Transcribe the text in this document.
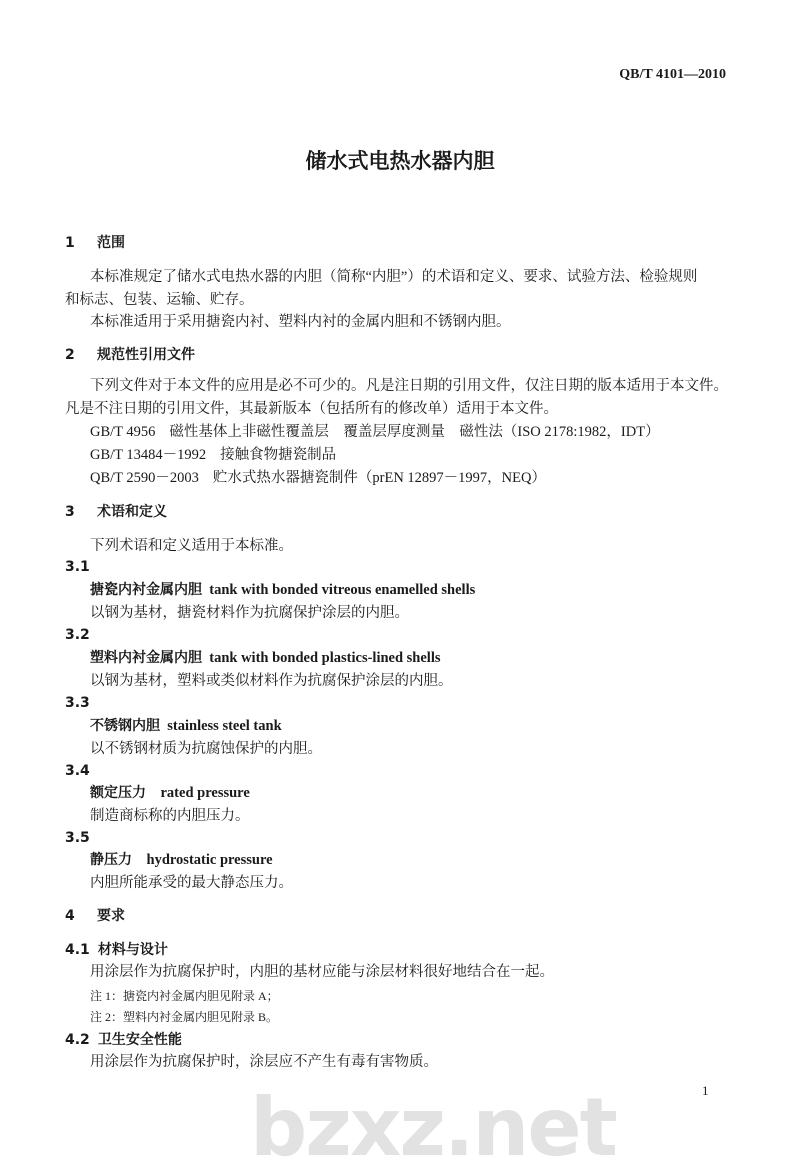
QB/T 4101—2010
储水式电热水器内胆
1 范围
本标准规定了储水式电热水器的内胆（简称“内胆”）的术语和定义、要求、试验方法、检验规则
和标志、包装、运输、贮存。
本标准适用于采用搪瓷内衬、塑料内衬的金属内胆和不锈钢内胆。
2 规范性引用文件
下列文件对于本文件的应用是必不可少的。凡是注日期的引用文件，仅注日期的版本适用于本文件。
凡是不注日期的引用文件，其最新版本（包括所有的修改单）适用于本文件。
GB/T 4956 磁性基体上非磁性覆盖层　覆盖层厚度测量　磁性法（ISO 2178:1982，IDT）
GB/T 13484－1992 接触食物搪瓷制品
QB/T 2590－2003 贮水式热水器搪瓷制件（prEN 12897－1997，NEQ）
3 术语和定义
下列术语和定义适用于本标准。
3.1
搪瓷内衬金属内胆 tank with bonded vitreous enamelled shells
以钢为基材，搪瓷材料作为抗腐保护涂层的内胆。
3.2
塑料内衬金属内胆 tank with bonded plastics-lined shells
以钢为基材，塑料或类似材料作为抗腐保护涂层的内胆。
3.3
不锈钢内胆 stainless steel tank
以不锈钢材质为抗腐蚀保护的内胆。
3.4
额定压力 rated pressure
制造商标称的内胆压力。
3.5
静压力 hydrostatic pressure
内胆所能承受的最大静态压力。
4 要求
4.1 材料与设计
用涂层作为抗腐保护时，内胆的基材应能与涂层材料很好地结合在一起。
注 1：搪瓷内衬金属内胆见附录 A；
注 2：塑料内衬金属内胆见附录 B。
4.2 卫生安全性能
用涂层作为抗腐保护时，涂层应不产生有毒有害物质。
bzxz.net	1
